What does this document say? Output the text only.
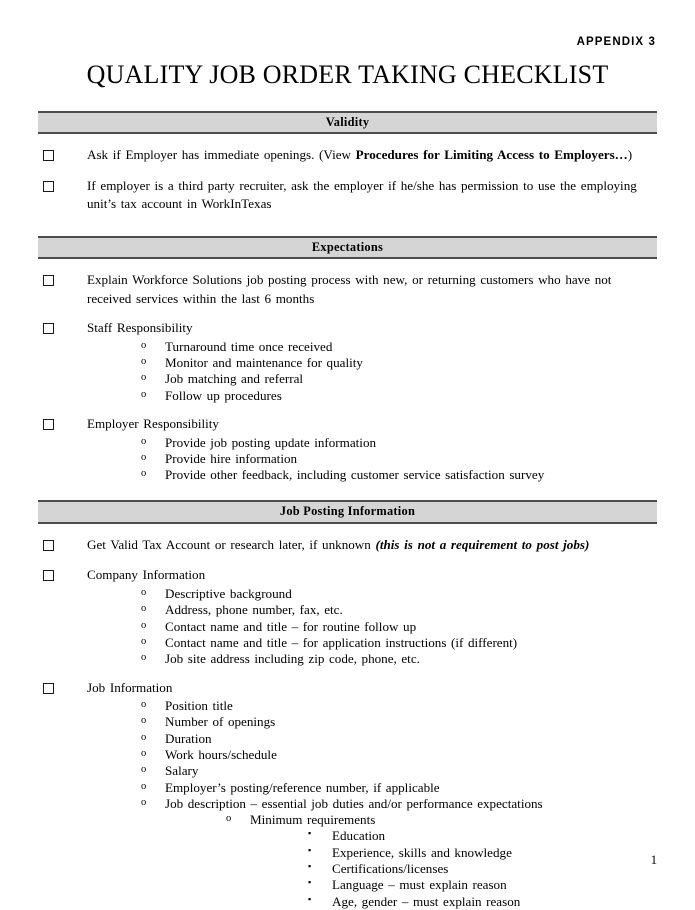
APPENDIX 3
QUALITY JOB ORDER TAKING CHECKLIST
Validity
Ask if Employer has immediate openings. (View Procedures for Limiting Access to Employers…)
If employer is a third party recruiter, ask the employer if he/she has permission to use the employing unit’s tax account in WorkInTexas
Expectations
Explain Workforce Solutions job posting process with new, or returning customers who have not received services within the last 6 months
Staff Responsibility
o Turnaround time once received
o Monitor and maintenance for quality
o Job matching and referral
o Follow up procedures
Employer Responsibility
o Provide job posting update information
o Provide hire information
o Provide other feedback, including customer service satisfaction survey
Job Posting Information
Get Valid Tax Account or research later, if unknown (this is not a requirement to post jobs)
Company Information
o Descriptive background
o Address, phone number, fax, etc.
o Contact name and title – for routine follow up
o Contact name and title – for application instructions (if different)
o Job site address including zip code, phone, etc.
Job Information
o Position title
o Number of openings
o Duration
o Work hours/schedule
o Salary
o Employer’s posting/reference number, if applicable
o Job description – essential job duties and/or performance expectations
o Minimum requirements
▪ Education
▪ Experience, skills and knowledge
▪ Certifications/licenses
▪ Language – must explain reason
▪ Age, gender – must explain reason
1
